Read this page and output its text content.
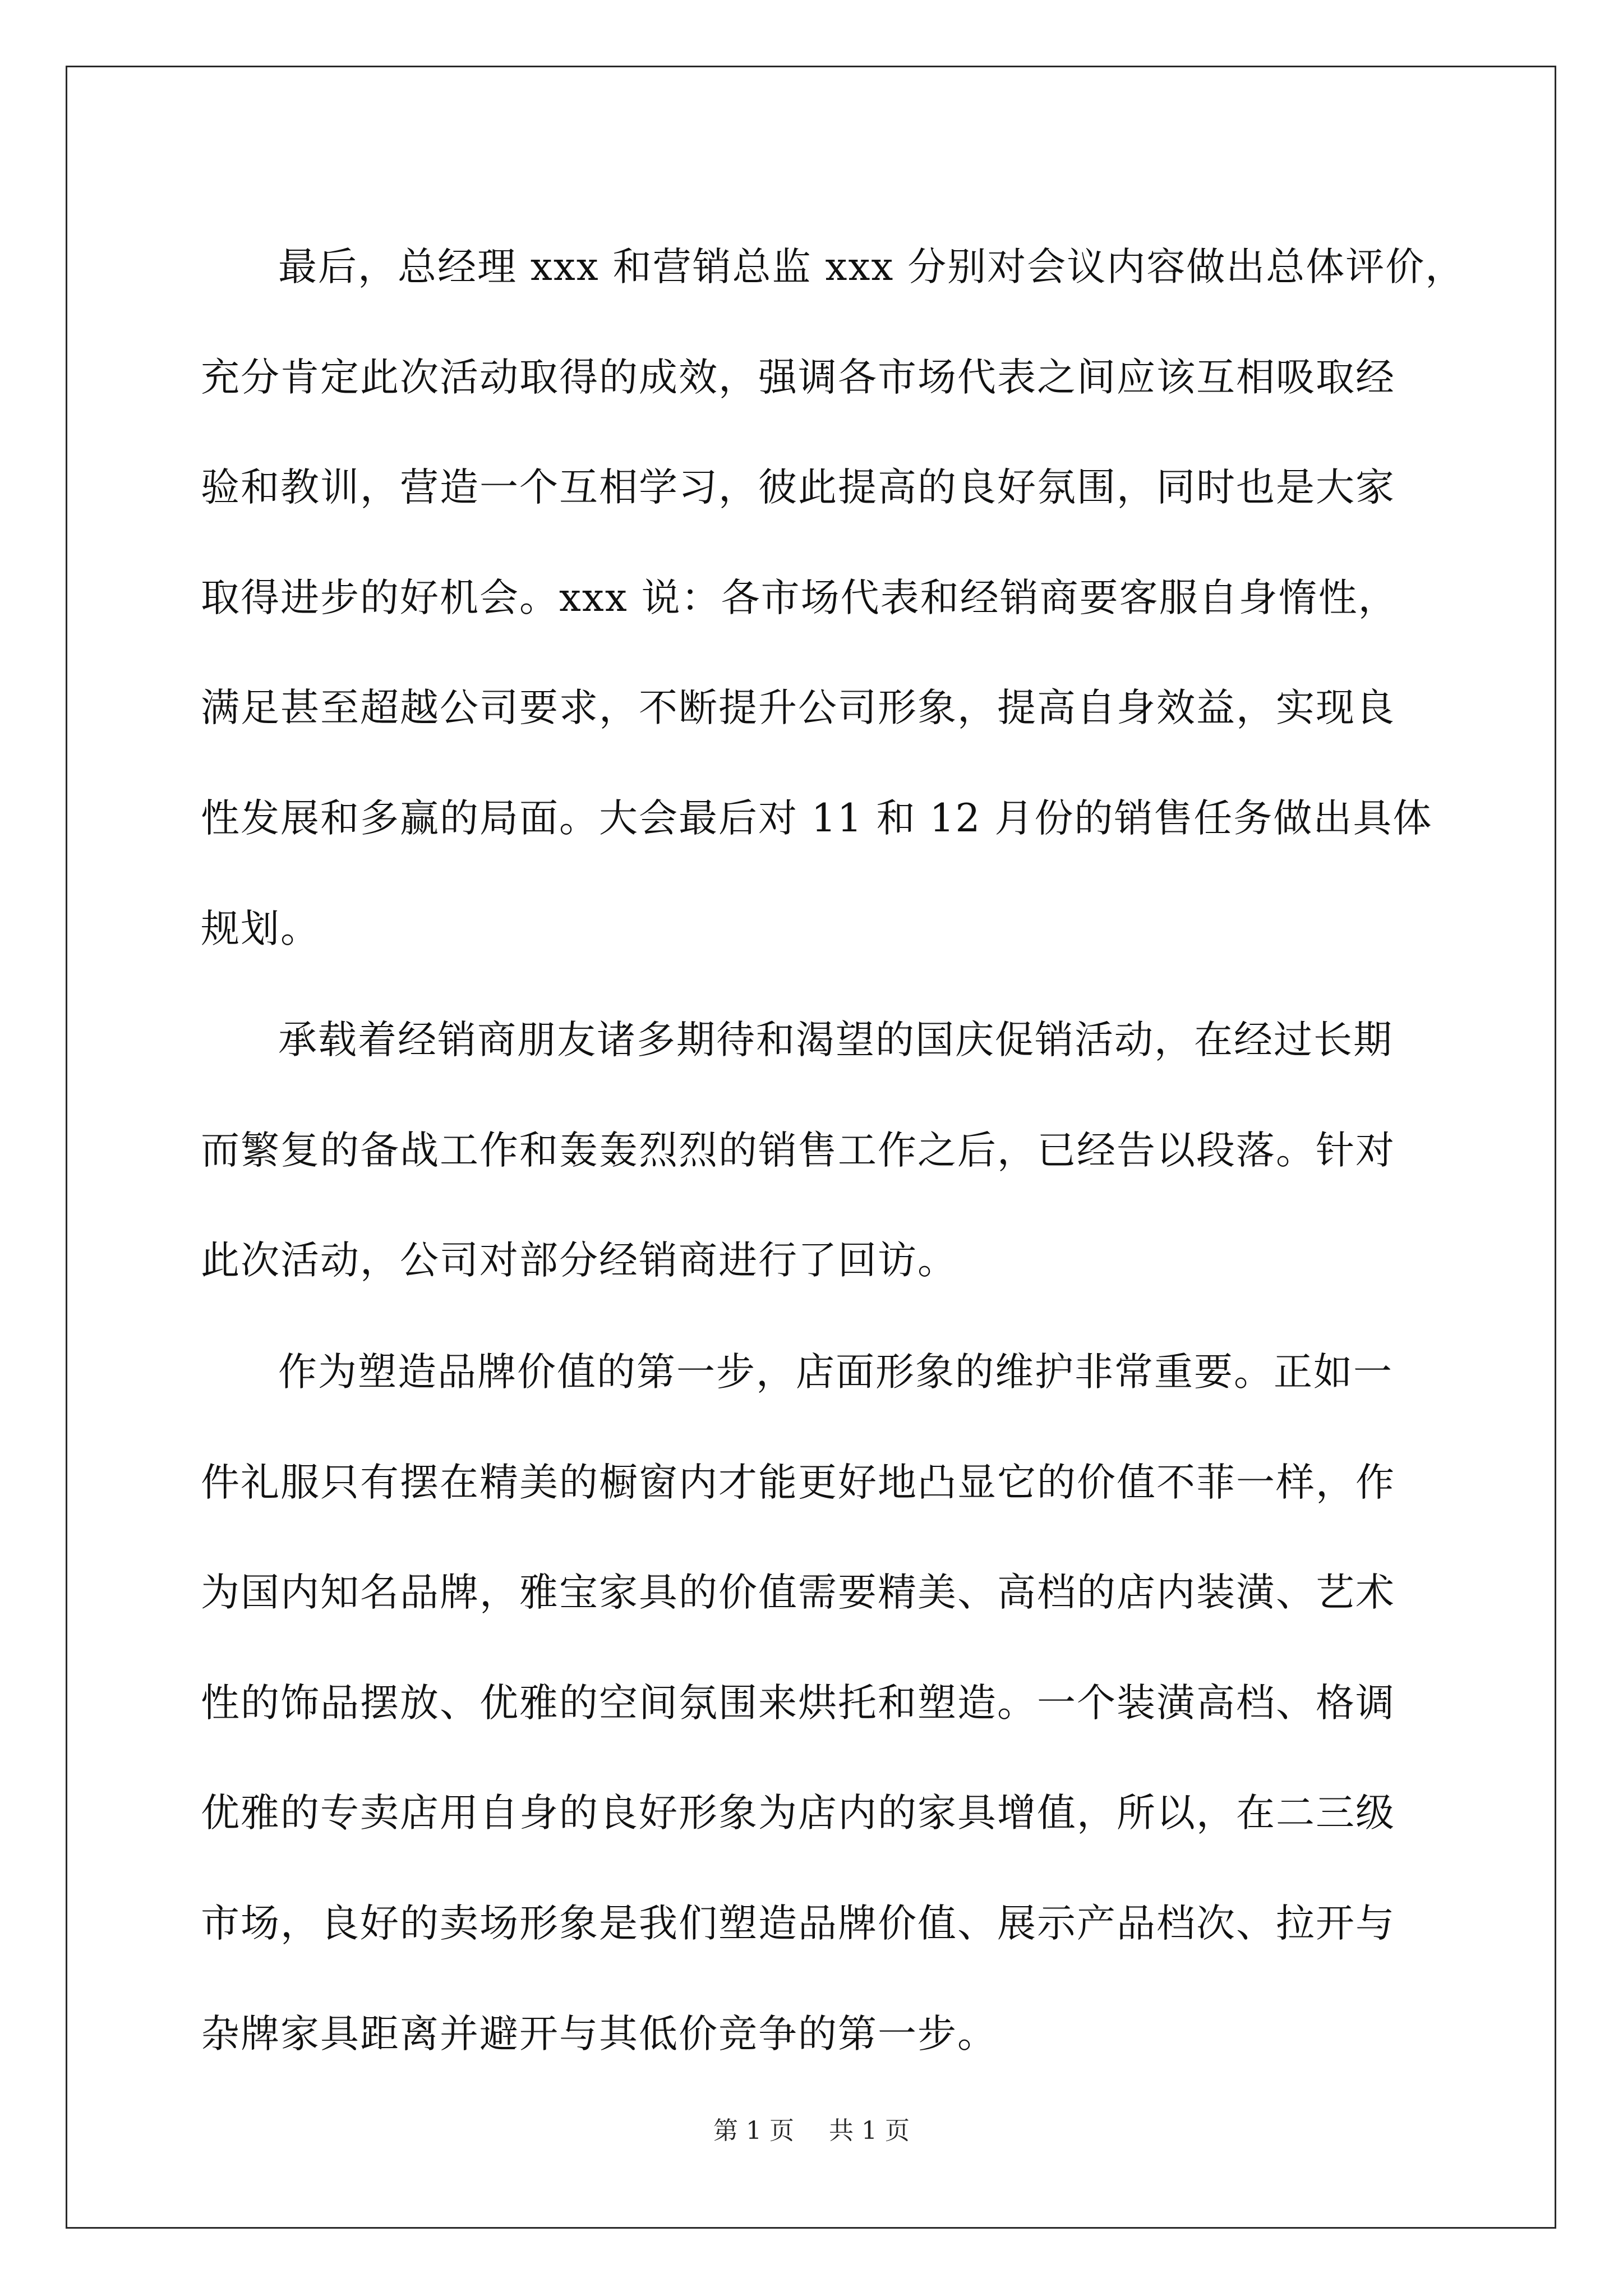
最后，总经理 xxx 和营销总监 xxx 分别对会议内容做出总体评价，
充分肯定此次活动取得的成效，强调各市场代表之间应该互相吸取经
验和教训，营造一个互相学习，彼此提高的良好氛围，同时也是大家
取得进步的好机会。xxx 说：各市场代表和经销商要客服自身惰性，
满足甚至超越公司要求，不断提升公司形象，提高自身效益，实现良
性发展和多赢的局面。大会最后对 11 和 12 月份的销售任务做出具体
规划。

承载着经销商朋友诸多期待和渴望的国庆促销活动，在经过长期
而繁复的备战工作和轰轰烈烈的销售工作之后，已经告以段落。针对
此次活动，公司对部分经销商进行了回访。

作为塑造品牌价值的第一步，店面形象的维护非常重要。正如一
件礼服只有摆在精美的橱窗内才能更好地凸显它的价值不菲一样，作
为国内知名品牌，雅宝家具的价值需要精美、高档的店内装潢、艺术
性的饰品摆放、优雅的空间氛围来烘托和塑造。一个装潢高档、格调
优雅的专卖店用自身的良好形象为店内的家具增值，所以，在二三级
市场，良好的卖场形象是我们塑造品牌价值、展示产品档次、拉开与
杂牌家具距离并避开与其低价竞争的第一步。

第 1 页 共 1 页
